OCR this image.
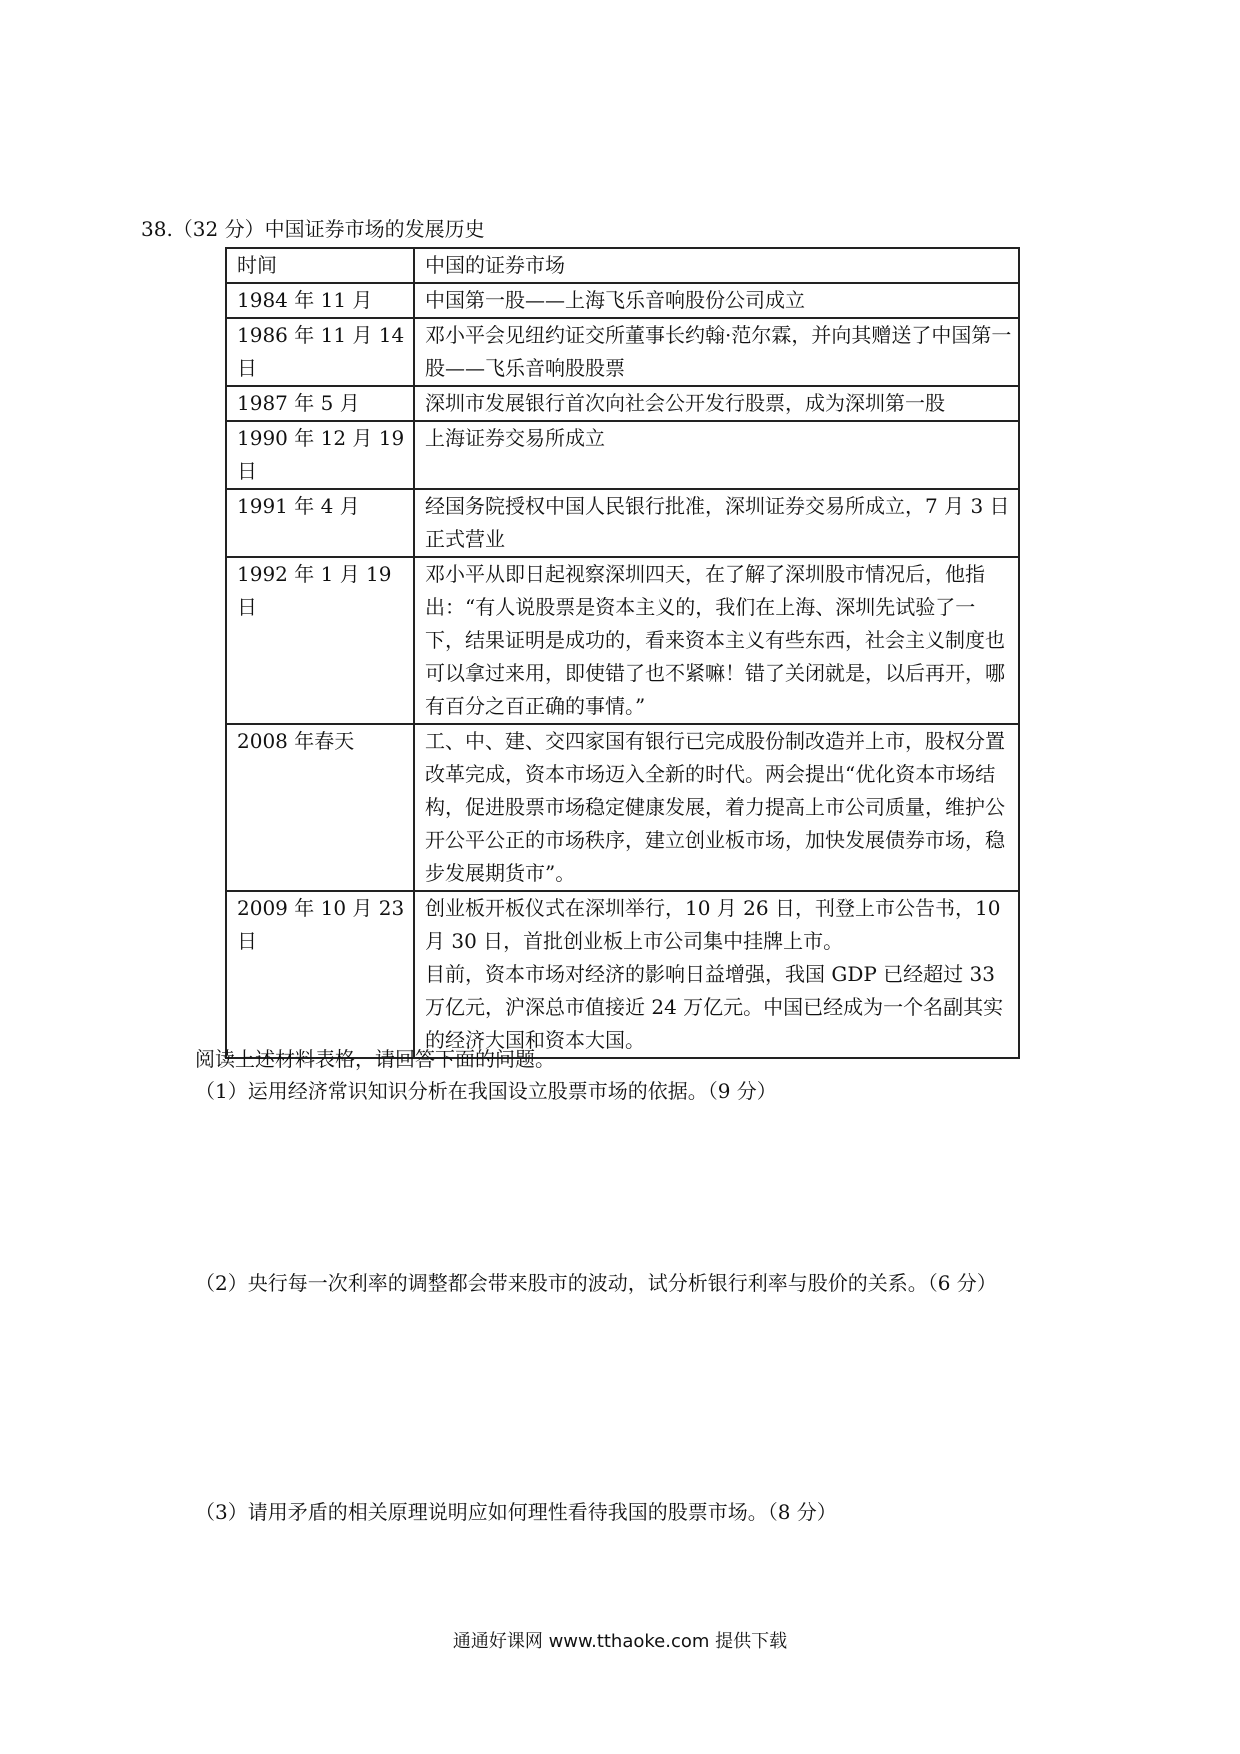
38.（32 分）中国证券市场的发展历史
时间	中国的证券市场
1984 年 11 月	中国第一股——上海飞乐音响股份公司成立

1986 年 11 月 14 日	邓小平会见纽约证交所董事长约翰·范尔霖，并向其赠送了中国第一股——飞乐音响股股票

1987 年 5 月	深圳市发展银行首次向社会公开发行股票，成为深圳第一股

1990 年 12 月 19 日	上海证券交易所成立

1991 年 4 月	经国务院授权中国人民银行批准，深圳证券交易所成立，7 月 3 日正式营业

1992 年 1 月 19 日	邓小平从即日起视察深圳四天，在了解了深圳股市情况后，他指出：“有人说股票是资本主义的，我们在上海、深圳先试验了一下，结果证明是成功的，看来资本主义有些东西，社会主义制度也可以拿过来用，即使错了也不紧嘛！错了关闭就是，以后再开，哪有百分之百正确的事情。”

2008 年春天	工、中、建、交四家国有银行已完成股份制改造并上市，股权分置改革完成，资本市场迈入全新的时代。两会提出“优化资本市场结构，促进股票市场稳定健康发展，着力提高上市公司质量，维护公开公平公正的市场秩序，建立创业板市场，加快发展债券市场，稳步发展期货市”。

2009 年 10 月 23 日	创业板开板仪式在深圳举行，10 月 26 日，刊登上市公告书，10 月 30 日，首批创业板上市公司集中挂牌上市。
目前，资本市场对经济的影响日益增强，我国 GDP 已经超过 33 万亿元，沪深总市值接近 24 万亿元。中国已经成为一个名副其实的经济大国和资本大国。
阅读上述材料表格，请回答下面的问题。
（1）运用经济常识知识分析在我国设立股票市场的依据。（9 分）
（2）央行每一次利率的调整都会带来股市的波动，试分析银行利率与股价的关系。（6 分）
（3）请用矛盾的相关原理说明应如何理性看待我国的股票市场。（8 分）
通通好课网 www.tthaoke.com 提供下载
